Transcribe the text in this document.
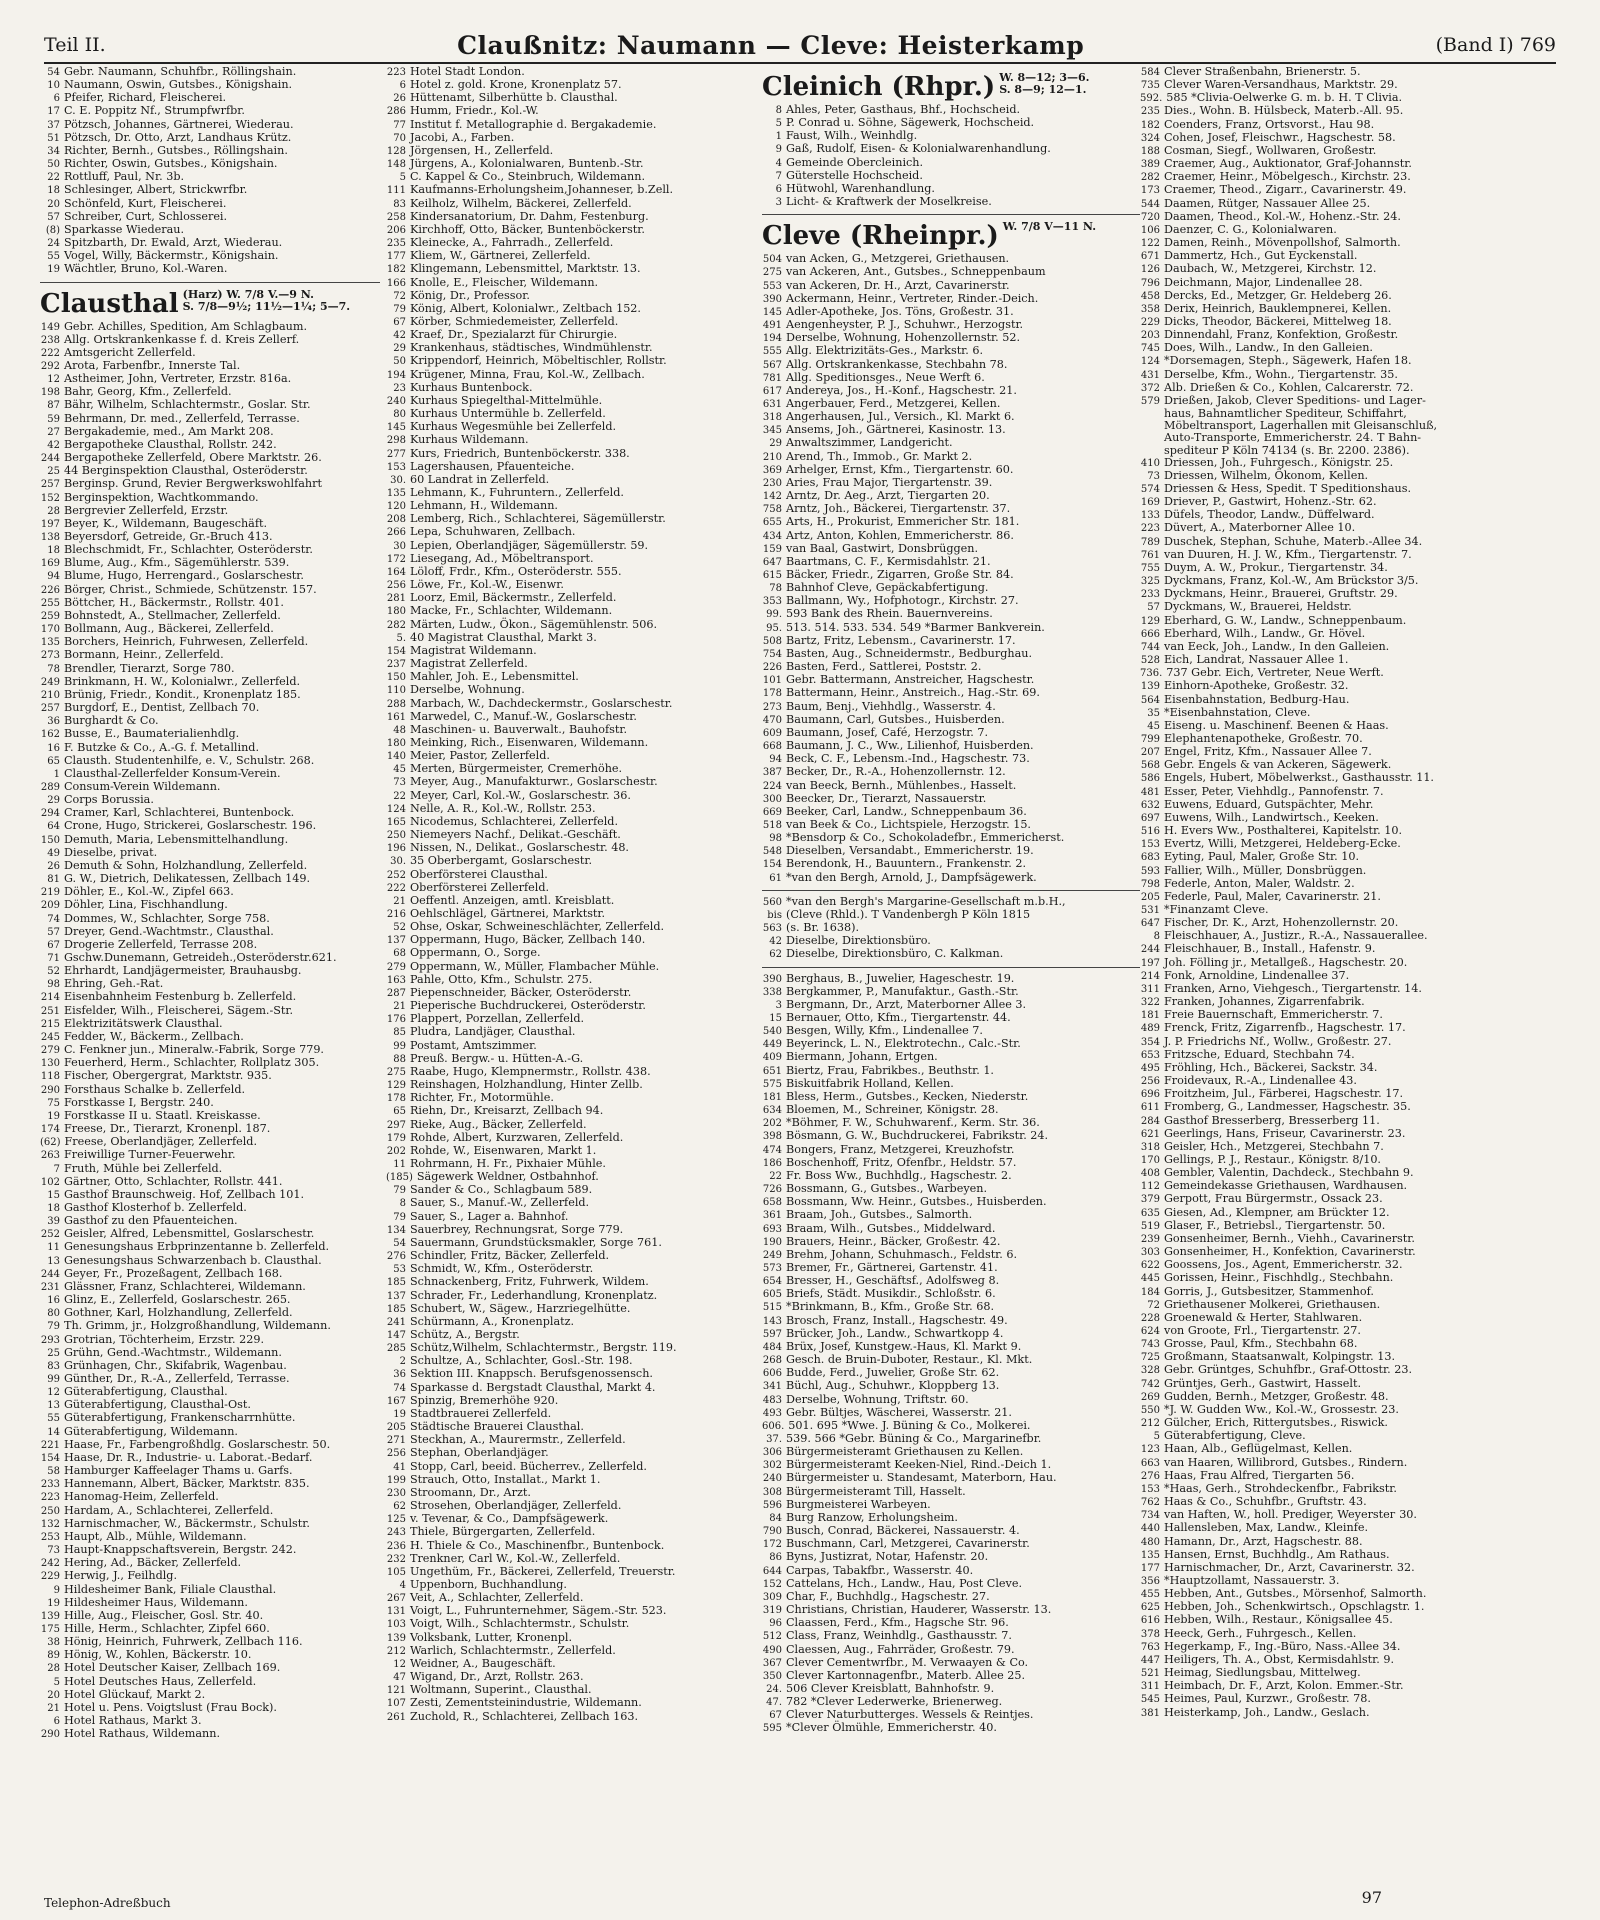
Teil II.	Claußnitz: Naumann — Cleve: Heisterkamp	(Band I) 769
54 Gebr. Naumann, Schuhfbr., Röllingshain.
10 Naumann, Oswin, Gutsbes., Königshain.
6 Pfeifer, Richard, Fleischerei.
17 C. E. Poppitz Nf., Strumpfwrfbr.
37 Pötzsch, Johannes, Gärtnerei, Wiederau.
51 Pötzsch, Dr. Otto, Arzt, Landhaus Krütz.
34 Richter, Bernh., Gutsbes., Röllingshain.
50 Richter, Oswin, Gutsbes., Königshain.
22 Rottluff, Paul, Nr. 3b.
18 Schlesinger, Albert, Strickwrfbr.
20 Schönfeld, Kurt, Fleischerei.
57 Schreiber, Curt, Schlosserei.
(8) Sparkasse Wiederau.
24 Spitzbarth, Dr. Ewald, Arzt, Wiederau.
55 Vogel, Willy, Bäckermstr., Königshain.
19 Wächtler, Bruno, Kol.-Waren.
Clausthal (Harz) W. 7/8 V.—9 N.
S. 7/8—9½; 11½—1¼; 5—7.
149 Gebr. Achilles, Spedition, Am Schlagbaum.
238 Allg. Ortskrankenkasse f. d. Kreis Zellerf.
222 Amtsgericht Zellerfeld.
292 Arota, Farbenfbr., Innerste Tal.
12 Astheimer, John, Vertreter, Erzstr. 816a.
198 Bahr, Georg, Kfm., Zellerfeld.
87 Bähr, Wilhelm, Schlachtermstr., Goslar. Str.
59 Behrmann, Dr. med., Zellerfeld, Terrasse.
27 Bergakademie, med., Am Markt 208.
42 Bergapotheke Clausthal, Rollstr. 242.
244 Bergapotheke Zellerfeld, Obere Marktstr. 26.
25 44 Berginspektion Clausthal, Osteröderstr.
257 Berginsp. Grund, Revier Bergwerkswohlfahrt
152 Berginspektion, Wachtkommando.
28 Bergrevier Zellerfeld, Erzstr.
197 Beyer, K., Wildemann, Baugeschäft.
138 Beyersdorf, Getreide, Gr.-Bruch 413.
18 Blechschmidt, Fr., Schlachter, Osteröderstr.
169 Blume, Aug., Kfm., Sägemühlerstr. 539.
94 Blume, Hugo, Herrengard., Goslarschestr.
226 Börger, Christ., Schmiede, Schützenstr. 157.
255 Böttcher, H., Bäckermstr., Rollstr. 401.
259 Bohnstedt, A., Stellmacher, Zellerfeld.
170 Bollmann, Aug., Bäckerei, Zellerfeld.
135 Borchers, Heinrich, Fuhrwesen, Zellerfeld.
273 Bormann, Heinr., Zellerfeld.
78 Brendler, Tierarzt, Sorge 780.
249 Brinkmann, H. W., Kolonialwr., Zellerfeld.
210 Brünig, Friedr., Kondit., Kronenplatz 185.
257 Burgdorf, E., Dentist, Zellbach 70.
36 Burghardt & Co.
162 Busse, E., Baumaterialienhdlg.
16 F. Butzke & Co., A.-G. f. Metallind.
65 Clausth. Studentenhilfe, e. V., Schulstr. 268.
1 Clausthal-Zellerfelder Konsum-Verein.
289 Consum-Verein Wildemann.
29 Corps Borussia.
294 Cramer, Karl, Schlachterei, Buntenbock.
64 Crone, Hugo, Strickerei, Goslarschestr. 196.
150 Demuth, Maria, Lebensmittelhandlung.
49 Dieselbe, privat.
26 Demuth & Sohn, Holzhandlung, Zellerfeld.
81 G. W., Dietrich, Delikatessen, Zellbach 149.
219 Döhler, E., Kol.-W., Zipfel 663.
209 Döhler, Lina, Fischhandlung.
74 Dommes, W., Schlachter, Sorge 758.
57 Dreyer, Gend.-Wachtmstr., Clausthal.
67 Drogerie Zellerfeld, Terrasse 208.
71 Gschw.Dunemann, Getreideh.,Osteröderstr.621.
52 Ehrhardt, Landjägermeister, Brauhausbg.
98 Ehring, Geh.-Rat.
214 Eisenbahnheim Festenburg b. Zellerfeld.
251 Eisfelder, Wilh., Fleischerei, Sägem.-Str.
215 Elektrizitätswerk Clausthal.
245 Fedder, W., Bäckerm., Zellbach.
279 C. Fenkner jun., Mineralw.-Fabrik, Sorge 779.
130 Feuerherd, Herm., Schlachter, Rollplatz 305.
118 Fischer, Obergergrat, Marktstr. 935.
290 Forsthaus Schalke b. Zellerfeld.
75 Forstkasse I, Bergstr. 240.
19 Forstkasse II u. Staatl. Kreiskasse.
174 Freese, Dr., Tierarzt, Kronenpl. 187.
(62) Freese, Oberlandjäger, Zellerfeld.
263 Freiwillige Turner-Feuerwehr.
7 Fruth, Mühle bei Zellerfeld.
102 Gärtner, Otto, Schlachter, Rollstr. 441.
15 Gasthof Braunschweig. Hof, Zellbach 101.
18 Gasthof Klosterhof b. Zellerfeld.
39 Gasthof zu den Pfauenteichen.
252 Geisler, Alfred, Lebensmittel, Goslarschestr.
11 Genesungshaus Erbprinzentanne b. Zellerfeld.
13 Genesungshaus Schwarzenbach b. Clausthal.
244 Geyer, Fr., Prozeßagent, Zellbach 168.
231 Glässner, Franz, Schlachterei, Wildemann.
16 Glinz, E., Zellerfeld, Goslarschestr. 265.
80 Gothner, Karl, Holzhandlung, Zellerfeld.
79 Th. Grimm, jr., Holzgroßhandlung, Wildemann.
293 Grotrian, Töchterheim, Erzstr. 229.
25 Grühn, Gend.-Wachtmstr., Wildemann.
83 Grünhagen, Chr., Skifabrik, Wagenbau.
99 Günther, Dr., R.-A., Zellerfeld, Terrasse.
12 Güterabfertigung, Clausthal.
13 Güterabfertigung, Clausthal-Ost.
55 Güterabfertigung, Frankenscharrnhütte.
14 Güterabfertigung, Wildemann.
221 Haase, Fr., Farbengroßhdlg. Goslarschestr. 50.
154 Haase, Dr. R., Industrie- u. Laborat.-Bedarf.
58 Hamburger Kaffeelager Thams u. Garfs.
233 Hannemann, Albert, Bäcker, Marktstr. 835.
223 Hanomag-Heim, Zellerfeld.
250 Hardam, A., Schlachterei, Zellerfeld.
132 Harnischmacher, W., Bäckermstr., Schulstr.
253 Haupt, Alb., Mühle, Wildemann.
73 Haupt-Knappschaftsverein, Bergstr. 242.
242 Hering, Ad., Bäcker, Zellerfeld.
229 Herwig, J., Feilhdlg.
9 Hildesheimer Bank, Filiale Clausthal.
19 Hildesheimer Haus, Wildemann.
139 Hille, Aug., Fleischer, Gosl. Str. 40.
175 Hille, Herm., Schlachter, Zipfel 660.
38 Hönig, Heinrich, Fuhrwerk, Zellbach 116.
89 Hönig, W., Kohlen, Bäckerstr. 10.
28 Hotel Deutscher Kaiser, Zellbach 169.
5 Hotel Deutsches Haus, Zellerfeld.
20 Hotel Glückauf, Markt 2.
21 Hotel u. Pens. Voigtslust (Frau Bock).
6 Hotel Rathaus, Markt 3.
290 Hotel Rathaus, Wildemann.
223 Hotel Stadt London.
6 Hotel z. gold. Krone, Kronenplatz 57.
26 Hüttenamt, Silberhütte b. Clausthal.
286 Humm, Friedr., Kol.-W.
77 Institut f. Metallographie d. Bergakademie.
70 Jacobi, A., Farben.
128 Jörgensen, H., Zellerfeld.
148 Jürgens, A., Kolonialwaren, Buntenb.-Str.
5 C. Kappel & Co., Steinbruch, Wildemann.
111 Kaufmanns-Erholungsheim,Johanneser, b.Zell.
83 Keilholz, Wilhelm, Bäckerei, Zellerfeld.
258 Kindersanatorium, Dr. Dahm, Festenburg.
206 Kirchhoff, Otto, Bäcker, Buntenböckerstr.
235 Kleinecke, A., Fahrradh., Zellerfeld.
177 Kliem, W., Gärtnerei, Zellerfeld.
182 Klingemann, Lebensmittel, Marktstr. 13.
166 Knolle, E., Fleischer, Wildemann.
72 König, Dr., Professor.
79 König, Albert, Kolonialwr., Zeltbach 152.
67 Körber, Schmiedemeister, Zellerfeld.
42 Kraef, Dr., Spezialarzt für Chirurgie.
29 Krankenhaus, städtisches, Windmühlenstr.
50 Krippendorf, Heinrich, Möbeltischler, Rollstr.
194 Krügener, Minna, Frau, Kol.-W., Zellbach.
23 Kurhaus Buntenbock.
240 Kurhaus Spiegelthal-Mittelmühle.
80 Kurhaus Untermühle b. Zellerfeld.
145 Kurhaus Wegesmühle bei Zellerfeld.
298 Kurhaus Wildemann.
277 Kurs, Friedrich, Buntenböckerstr. 338.
153 Lagershausen, Pfauenteiche.
30. 60 Landrat in Zellerfeld.
135 Lehmann, K., Fuhruntern., Zellerfeld.
120 Lehmann, H., Wildemann.
208 Lemberg, Rich., Schlachterei, Sägemüllerstr.
266 Lepa, Schuhwaren, Zellbach.
30 Lepien, Oberlandjäger, Sägemüllerstr. 59.
172 Liesegang, Ad., Möbeltransport.
164 Löloff, Frdr., Kfm., Osteröderstr. 555.
256 Löwe, Fr., Kol.-W., Eisenwr.
281 Loorz, Emil, Bäckermstr., Zellerfeld.
180 Macke, Fr., Schlachter, Wildemann.
282 Märten, Ludw., Ökon., Sägemühlenstr. 506.
5. 40 Magistrat Clausthal, Markt 3.
154 Magistrat Wildemann.
237 Magistrat Zellerfeld.
150 Mahler, Joh. E., Lebensmittel.
110 Derselbe, Wohnung.
288 Marbach, W., Dachdeckermstr., Goslarschestr.
161 Marwedel, C., Manuf.-W., Goslarschestr.
48 Maschinen- u. Bauverwalt., Bauhofstr.
180 Meinking, Rich., Eisenwaren, Wildemann.
140 Meier, Pastor, Zellerfeld.
45 Merten, Bürgermeister, Cremerhöhe.
73 Meyer, Aug., Manufakturwr., Goslarschestr.
22 Meyer, Carl, Kol.-W., Goslarschestr. 36.
124 Nelle, A. R., Kol.-W., Rollstr. 253.
165 Nicodemus, Schlachterei, Zellerfeld.
250 Niemeyers Nachf., Delikat.-Geschäft.
196 Nissen, N., Delikat., Goslarschestr. 48.
30. 35 Oberbergamt, Goslarschestr.
252 Oberförsterei Clausthal.
222 Oberförsterei Zellerfeld.
21 Oeffentl. Anzeigen, amtl. Kreisblatt.
216 Oehlschlägel, Gärtnerei, Marktstr.
52 Ohse, Oskar, Schweineschlächter, Zellerfeld.
137 Oppermann, Hugo, Bäcker, Zellbach 140.
68 Oppermann, O., Sorge.
279 Oppermann, W., Müller, Flambacher Mühle.
163 Pahle, Otto, Kfm., Schulstr. 275.
287 Piepenschneider, Bäcker, Osteröderstr.
21 Pieperische Buchdruckerei, Osteröderstr.
176 Plappert, Porzellan, Zellerfeld.
85 Pludra, Landjäger, Clausthal.
99 Postamt, Amtszimmer.
88 Preuß. Bergw.- u. Hütten-A.-G.
275 Raabe, Hugo, Klempnermstr., Rollstr. 438.
129 Reinshagen, Holzhandlung, Hinter Zellb.
178 Richter, Fr., Motormühle.
65 Riehn, Dr., Kreisarzt, Zellbach 94.
297 Rieke, Aug., Bäcker, Zellerfeld.
179 Rohde, Albert, Kurzwaren, Zellerfeld.
202 Rohde, W., Eisenwaren, Markt 1.
11 Rohrmann, H. Fr., Pixhaier Mühle.
(185) Sägewerk Weldner, Ostbahnhof.
79 Sander & Co., Schlagbaum 589.
8 Sauer, S., Manuf.-W., Zellerfeld.
79 Sauer, S., Lager a. Bahnhof.
134 Sauerbrey, Rechnungsrat, Sorge 779.
54 Sauermann, Grundstücksmakler, Sorge 761.
276 Schindler, Fritz, Bäcker, Zellerfeld.
53 Schmidt, W., Kfm., Osteröderstr.
185 Schnackenberg, Fritz, Fuhrwerk, Wildem.
137 Schrader, Fr., Lederhandlung, Kronenplatz.
185 Schubert, W., Sägew., Harzriegelhütte.
241 Schürmann, A., Kronenplatz.
147 Schütz, A., Bergstr.
285 Schütz,Wilhelm, Schlachtermstr., Bergstr. 119.
2 Schultze, A., Schlachter, Gosl.-Str. 198.
36 Sektion III. Knappsch. Berufsgenossensch.
74 Sparkasse d. Bergstadt Clausthal, Markt 4.
167 Spinzig, Bremerhöhe 920.
19 Stadtbrauerei Zellerfeld.
205 Städtische Brauerei Clausthal.
271 Steckhan, A., Maurermstr., Zellerfeld.
256 Stephan, Oberlandjäger.
41 Stopp, Carl, beeid. Bücherrev., Zellerfeld.
199 Strauch, Otto, Installat., Markt 1.
230 Stroomann, Dr., Arzt.
62 Strosehen, Oberlandjäger, Zellerfeld.
125 v. Tevenar, & Co., Dampfsägewerk.
243 Thiele, Bürgergarten, Zellerfeld.
236 H. Thiele & Co., Maschinenfbr., Buntenbock.
232 Trenkner, Carl W., Kol.-W., Zellerfeld.
105 Ungethüm, Fr., Bäckerei, Zellerfeld, Treuerstr.
4 Uppenborn, Buchhandlung.
267 Veit, A., Schlachter, Zellerfeld.
131 Voigt, L., Fuhrunternehmer, Sägem.-Str. 523.
103 Voigt, Wilh., Schlachtermstr., Schulstr.
139 Volksbank, Lutter, Kronenpl.
212 Warlich, Schlachtermstr., Zellerfeld.
12 Weidner, A., Baugeschäft.
47 Wigand, Dr., Arzt, Rollstr. 263.
121 Woltmann, Superint., Clausthal.
107 Zesti, Zementsteinindustrie, Wildemann.
261 Zuchold, R., Schlachterei, Zellbach 163.
Cleinich (Rhpr.) W. 8—12; 3—6.
S. 8—9; 12—1.
8 Ahles, Peter, Gasthaus, Bhf., Hochscheid.
5 P. Conrad u. Söhne, Sägewerk, Hochscheid.
1 Faust, Wilh., Weinhdlg.
9 Gaß, Rudolf, Eisen- & Kolonialwarenhandlung.
4 Gemeinde Obercleinich.
7 Güterstelle Hochscheid.
6 Hütwohl, Warenhandlung.
3 Licht- & Kraftwerk der Moselkreise.
Cleve (Rheinpr.) W. 7/8 V—11 N.
504 van Acken, G., Metzgerei, Griethausen.
275 van Ackeren, Ant., Gutsbes., Schneppenbaum
553 van Ackeren, Dr. H., Arzt, Cavarinerstr.
390 Ackermann, Heinr., Vertreter, Rinder.-Deich.
145 Adler-Apotheke, Jos. Töns, Großestr. 31.
491 Aengenheyster, P. J., Schuhwr., Herzogstr.
194 Derselbe, Wohnung, Hohenzollernstr. 52.
555 Allg. Elektrizitäts-Ges., Markstr. 6.
567 Allg. Ortskrankenkasse, Stechbahn 78.
781 Allg. Speditionsges., Neue Werft 6.
617 Andereya, Jos., H.-Konf., Hagschestr. 21.
631 Angerbauer, Ferd., Metzgerei, Kellen.
318 Angerhausen, Jul., Versich., Kl. Markt 6.
345 Ansems, Joh., Gärtnerei, Kasinostr. 13.
29 Anwaltszimmer, Landgericht.
210 Arend, Th., Immob., Gr. Markt 2.
369 Arhelger, Ernst, Kfm., Tiergartenstr. 60.
230 Aries, Frau Major, Tiergartenstr. 39.
142 Arntz, Dr. Aeg., Arzt, Tiergarten 20.
758 Arntz, Joh., Bäckerei, Tiergartenstr. 37.
655 Arts, H., Prokurist, Emmericher Str. 181.
434 Artz, Anton, Kohlen, Emmericherstr. 86.
159 van Baal, Gastwirt, Donsbrüggen.
647 Baartmans, C. F., Kermisdahlstr. 21.
615 Bäcker, Friedr., Zigarren, Große Str. 84.
78 Bahnhof Cleve, Gepäckabfertigung.
353 Ballmann, Wy., Hofphotogr., Kirchstr. 27.
99. 593 Bank des Rhein. Bauernvereins.
95. 513. 514. 533. 534. 549 *Barmer Bankverein.
508 Bartz, Fritz, Lebensm., Cavarinerstr. 17.
754 Basten, Aug., Schneidermstr., Bedburghau.
226 Basten, Ferd., Sattlerei, Poststr. 2.
101 Gebr. Battermann, Anstreicher, Hagschestr.
178 Battermann, Heinr., Anstreich., Hag.-Str. 69.
273 Baum, Benj., Viehhdlg., Wasserstr. 4.
470 Baumann, Carl, Gutsbes., Huisberden.
609 Baumann, Josef, Café, Herzogstr. 7.
668 Baumann, J. C., Ww., Lilienhof, Huisberden.
94 Beck, C. F., Lebensm.-Ind., Hagschestr. 73.
387 Becker, Dr., R.-A., Hohenzollernstr. 12.
224 van Beeck, Bernh., Mühlenbes., Hasselt.
300 Beecker, Dr., Tierarzt, Nassauerstr.
669 Beeker, Carl, Landw., Schneppenbaum 36.
518 van Beek & Co., Lichtspiele, Herzogstr. 15.
98 *Bensdorp & Co., Schokoladefbr., Emmericherst.
548 Dieselben, Versandabt., Emmericherstr. 19.
154 Berendonk, H., Bauuntern., Frankenstr. 2.
61 *van den Bergh, Arnold, J., Dampfsägewerk.
560 *van den Bergh's Margarine-Gesellschaft m.b.H.,
bis (Cleve (Rhld.). T Vandenbergh P Köln 1815
563 (s. Br. 1638).
42 Dieselbe, Direktionsbüro.
62 Dieselbe, Direktionsbüro, C. Kalkman.
390 Berghaus, B., Juwelier, Hageschestr. 19.
338 Bergkammer, P., Manufaktur., Gasth.-Str.
3 Bergmann, Dr., Arzt, Materborner Allee 3.
15 Bernauer, Otto, Kfm., Tiergartenstr. 44.
540 Besgen, Willy, Kfm., Lindenallee 7.
449 Beyerinck, L. N., Elektrotechn., Calc.-Str.
409 Biermann, Johann, Ertgen.
651 Biertz, Frau, Fabrikbes., Beuthstr. 1.
575 Biskuitfabrik Holland, Kellen.
181 Bless, Herm., Gutsbes., Kecken, Niederstr.
634 Bloemen, M., Schreiner, Königstr. 28.
202 *Böhmer, F. W., Schuhwarenf., Kerm. Str. 36.
398 Bösmann, G. W., Buchdruckerei, Fabrikstr. 24.
474 Bongers, Franz, Metzgerei, Kreuzhofstr.
186 Boschenhoff, Fritz, Ofenfbr., Heldstr. 57.
22 Fr. Boss Ww., Buchhdlg., Hagschestr. 2.
726 Bossmann, G., Gutsbes., Warbeyen.
658 Bossmann, Ww. Heinr., Gutsbes., Huisberden.
361 Braam, Joh., Gutsbes., Salmorth.
693 Braam, Wilh., Gutsbes., Middelward.
190 Brauers, Heinr., Bäcker, Großestr. 42.
249 Brehm, Johann, Schuhmasch., Feldstr. 6.
573 Bremer, Fr., Gärtnerei, Gartenstr. 41.
654 Bresser, H., Geschäftsf., Adolfsweg 8.
605 Briefs, Städt. Musikdir., Schloßstr. 6.
515 *Brinkmann, B., Kfm., Große Str. 68.
143 Brosch, Franz, Install., Hagschestr. 49.
597 Brücker, Joh., Landw., Schwartkopp 4.
484 Brüx, Josef, Kunstgew.-Haus, Kl. Markt 9.
268 Gesch. de Bruin-Duboter, Restaur., Kl. Mkt.
606 Budde, Ferd., Juwelier, Große Str. 62.
341 Büchl, Aug., Schuhwr., Kloppberg 13.
483 Derselbe, Wohnung, Triftstr. 60.
493 Gebr. Bültjes, Wäscherei, Wasserstr. 21.
606. 501. 695 *Wwe. J. Büning & Co., Molkerei.
37. 539. 566 *Gebr. Büning & Co., Margarinefbr.
306 Bürgermeisteramt Griethausen zu Kellen.
302 Bürgermeisteramt Keeken-Niel, Rind.-Deich 1.
240 Bürgermeister u. Standesamt, Materborn, Hau.
308 Bürgermeisteramt Till, Hasselt.
596 Burgmeisterei Warbeyen.
84 Burg Ranzow, Erholungsheim.
790 Busch, Conrad, Bäckerei, Nassauerstr. 4.
172 Buschmann, Carl, Metzgerei, Cavarinerstr.
86 Byns, Justizrat, Notar, Hafenstr. 20.
644 Carpas, Tabakfbr., Wasserstr. 40.
152 Cattelans, Hch., Landw., Hau, Post Cleve.
309 Char, F., Buchhdlg., Hagschestr. 27.
319 Christians, Christian, Hauderer, Wasserstr. 13.
96 Claassen, Ferd., Kfm., Hagsche Str. 96.
512 Class, Franz, Weinhdlg., Gasthausstr. 7.
490 Claessen, Aug., Fahrräder, Großestr. 79.
367 Clever Cementwrfbr., M. Verwaayen & Co.
350 Clever Kartonnagenfbr., Materb. Allee 25.
24. 506 Clever Kreisblatt, Bahnhofstr. 9.
47. 782 *Clever Lederwerke, Brienerweg.
67 Clever Naturbutterges. Wessels & Reintjes.
595 *Clever Ölmühle, Emmericherstr. 40.
584 Clever Straßenbahn, Brienerstr. 5.
735 Clever Waren-Versandhaus, Marktstr. 29.
592. 585 *Clivia-Oelwerke G. m. b. H. T Clivia.
235 Dies., Wohn. B. Hülsbeck, Materb.-All. 95.
182 Coenders, Franz, Ortsvorst., Hau 98.
324 Cohen, Josef, Fleischwr., Hagschestr. 58.
188 Cosman, Siegf., Wollwaren, Großestr.
389 Craemer, Aug., Auktionator, Graf-Johannstr.
282 Craemer, Heinr., Möbelgesch., Kirchstr. 23.
173 Craemer, Theod., Zigarr., Cavarinerstr. 49.
544 Daamen, Rütger, Nassauer Allee 25.
720 Daamen, Theod., Kol.-W., Hohenz.-Str. 24.
106 Daenzer, C. G., Kolonialwaren.
122 Damen, Reinh., Mövenpollshof, Salmorth.
671 Dammertz, Hch., Gut Eyckenstall.
126 Daubach, W., Metzgerei, Kirchstr. 12.
796 Deichmann, Major, Lindenallee 28.
458 Dercks, Ed., Metzger, Gr. Heldeberg 26.
358 Derix, Heinrich, Bauklempnerei, Kellen.
229 Dicks, Theodor, Bäckerei, Mittelweg 18.
203 Dinnendahl, Franz, Konfektion, Großestr.
745 Does, Wilh., Landw., In den Galleien.
124 *Dorsemagen, Steph., Sägewerk, Hafen 18.
431 Derselbe, Kfm., Wohn., Tiergartenstr. 35.
372 Alb. Drießen & Co., Kohlen, Calcarerstr. 72.
579 Drießen, Jakob, Clever Speditions- und Lager-
haus, Bahnamtlicher Spediteur, Schiffahrt,
Möbeltransport, Lagerhallen mit Gleisanschluß,
Auto-Transporte, Emmericherstr. 24. T Bahn-
spediteur P Köln 74134 (s. Br. 2200. 2386).
410 Driessen, Joh., Fuhrgesch., Königstr. 25.
73 Driessen, Wilhelm, Ökonom, Kellen.
574 Driessen & Hess, Spedit. T Speditionshaus.
169 Driever, P., Gastwirt, Hohenz.-Str. 62.
133 Düfels, Theodor, Landw., Düffelward.
223 Düvert, A., Materborner Allee 10.
789 Duschek, Stephan, Schuhe, Materb.-Allee 34.
761 van Duuren, H. J. W., Kfm., Tiergartenstr. 7.
755 Duym, A. W., Prokur., Tiergartenstr. 34.
325 Dyckmans, Franz, Kol.-W., Am Brückstor 3/5.
233 Dyckmans, Heinr., Brauerei, Gruftstr. 29.
57 Dyckmans, W., Brauerei, Heldstr.
129 Eberhard, G. W., Landw., Schneppenbaum.
666 Eberhard, Wilh., Landw., Gr. Hövel.
744 van Eeck, Joh., Landw., In den Galleien.
528 Eich, Landrat, Nassauer Allee 1.
736. 737 Gebr. Eich, Vertreter, Neue Werft.
139 Einhorn-Apotheke, Großestr. 32.
564 Eisenbahnstation, Bedburg-Hau.
35 *Eisenbahnstation, Cleve.
45 Eiseng. u. Maschinenf. Beenen & Haas.
799 Elephantenapotheke, Großestr. 70.
207 Engel, Fritz, Kfm., Nassauer Allee 7.
568 Gebr. Engels & van Ackeren, Sägewerk.
586 Engels, Hubert, Möbelwerkst., Gasthausstr. 11.
481 Esser, Peter, Viehhdlg., Pannofenstr. 7.
632 Euwens, Eduard, Gutspächter, Mehr.
697 Euwens, Wilh., Landwirtsch., Keeken.
516 H. Evers Ww., Posthalterei, Kapitelstr. 10.
153 Evertz, Willi, Metzgerei, Heldeberg-Ecke.
683 Eyting, Paul, Maler, Große Str. 10.
593 Fallier, Wilh., Müller, Donsbrüggen.
798 Federle, Anton, Maler, Waldstr. 2.
205 Federle, Paul, Maler, Cavarinerstr. 21.
531 *Finanzamt Cleve.
647 Fischer, Dr. K., Arzt, Hohenzollernstr. 20.
8 Fleischhauer, A., Justizr., R.-A., Nassauerallee.
244 Fleischhauer, B., Install., Hafenstr. 9.
197 Joh. Fölling jr., Metallgeß., Hagschestr. 20.
214 Fonk, Arnoldine, Lindenallee 37.
311 Franken, Arno, Viehgesch., Tiergartenstr. 14.
322 Franken, Johannes, Zigarrenfabrik.
181 Freie Bauernschaft, Emmericherstr. 7.
489 Frenck, Fritz, Zigarrenfb., Hagschestr. 17.
354 J. P. Friedrichs Nf., Wollw., Großestr. 27.
653 Fritzsche, Eduard, Stechbahn 74.
495 Fröhling, Hch., Bäckerei, Sackstr. 34.
256 Froidevaux, R.-A., Lindenallee 43.
696 Froitzheim, Jul., Färberei, Hagschestr. 17.
611 Fromberg, G., Landmesser, Hagschestr. 35.
284 Gasthof Bresserberg, Bresserberg 11.
621 Geerlings, Hans, Friseur, Cavarinerstr. 23.
318 Geisler, Hch., Metzgerei, Stechbahn 7.
170 Gellings, P. J., Restaur., Königstr. 8/10.
408 Gembler, Valentin, Dachdeck., Stechbahn 9.
112 Gemeindekasse Griethausen, Wardhausen.
379 Gerpott, Frau Bürgermstr., Ossack 23.
635 Giesen, Ad., Klempner, am Brückter 12.
519 Glaser, F., Betriebsl., Tiergartenstr. 50.
239 Gonsenheimer, Bernh., Viehh., Cavarinerstr.
303 Gonsenheimer, H., Konfektion, Cavarinerstr.
622 Goossens, Jos., Agent, Emmericherstr. 32.
445 Gorissen, Heinr., Fischhdlg., Stechbahn.
184 Gorris, J., Gutsbesitzer, Stammenhof.
72 Griethausener Molkerei, Griethausen.
228 Groenewald & Herter, Stahlwaren.
624 von Groote, Frl., Tiergartenstr. 27.
743 Grosse, Paul, Kfm., Stechbahn 68.
725 Großmann, Staatsanwalt, Kolpingstr. 13.
328 Gebr. Grüntges, Schuhfbr., Graf-Ottostr. 23.
742 Grüntjes, Gerh., Gastwirt, Hasselt.
269 Gudden, Bernh., Metzger, Großestr. 48.
550 *J. W. Gudden Ww., Kol.-W., Grossestr. 23.
212 Gülcher, Erich, Rittergutsbes., Riswick.
5 Güterabfertigung, Cleve.
123 Haan, Alb., Geflügelmast, Kellen.
663 van Haaren, Willibrord, Gutsbes., Rindern.
276 Haas, Frau Alfred, Tiergarten 56.
153 *Haas, Gerh., Strohdeckenfbr., Fabrikstr.
762 Haas & Co., Schuhfbr., Gruftstr. 43.
734 van Haften, W., holl. Prediger, Weyerstег 30.
440 Hallensleben, Max, Landw., Kleinfe.
480 Hamann, Dr., Arzt, Hagschestr. 88.
135 Hansen, Ernst, Buchhdlg., Am Rathaus.
177 Harnischmacher, Dr., Arzt, Cavarinerstr. 32.
356 *Hauptzollamt, Nassauerstr. 3.
455 Hebben, Ant., Gutsbes., Mörsenhof, Salmorth.
625 Hebben, Joh., Schenkwirtsch., Opschlagstr. 1.
616 Hebben, Wilh., Restaur., Königsallee 45.
378 Heeck, Gerh., Fuhrgesch., Kellen.
763 Hegerkamp, F., Ing.-Büro, Nass.-Allee 34.
447 Heiligers, Th. A., Obst, Kermisdahlstr. 9.
521 Heimag, Siedlungsbau, Mittelweg.
311 Heimbach, Dr. F., Arzt, Kolon. Emmer.-Str.
545 Heimes, Paul, Kurzwr., Großestr. 78.
381 Heisterkamp, Joh., Landw., Geslach.
Telephon-Adreßbuch	97
